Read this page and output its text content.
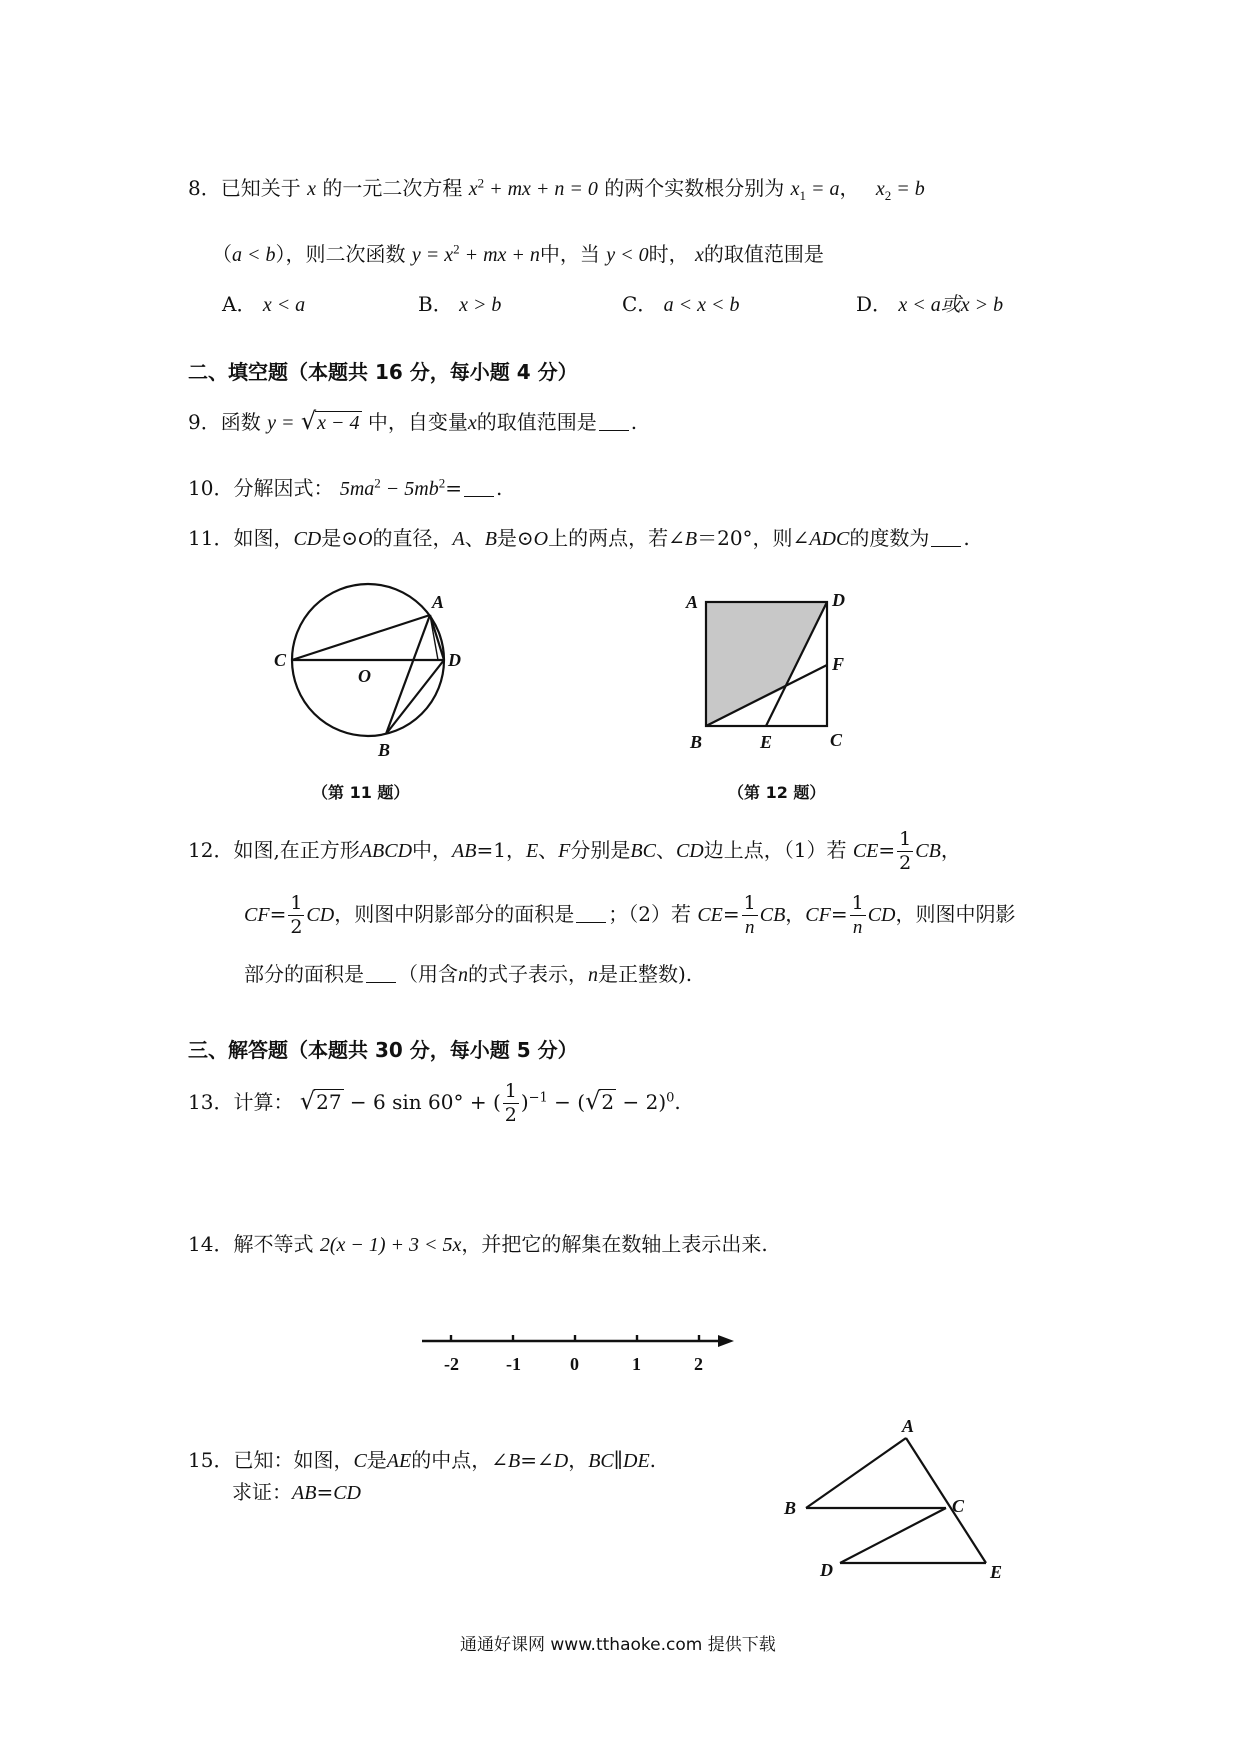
8．已知关于 x 的一元二次方程 $x^2$ + mx + n = 0 的两个实数根分别为 $x_1 = a$， $x_2 = b$
（a < b），则二次函数 $y = x^2$ + mx + n中，当 y < 0时， x的取值范围是
A． x < a	B． x > b	C． a < x < b	D． x < a或x > b
二、填空题（本题共 16 分，每小题 4 分）
9．函数 y = √x − 4 中，自变量x的取值范围是 .
10．分解因式： $5ma^2 - 5mb^2=$ .
11．如图，CD是⊙O的直径，A、B是⊙O上的两点，若∠B＝20°，则∠ADC的度数为 .
A
C	D
O
B
（第 11 题）
A	D
F
B	E	C
（第 12 题）
12．如图,在正方形ABCD中，AB=1，E、F分别是BC、CD边上点，（1）若 $CE= \frac{1}{2}$ CB，
$CF= \frac{1}{2}$ CD，则图中阴影部分的面积是 ；（2）若 $CE= \frac{1}{n}$ CB，$CF= \frac{1}{n}$ CD，则图中阴影
部分的面积是 （用含n的式子表示，n是正整数).
三、解答题（本题共 30 分，每小题 5 分）
13．计算： √27 − 6 sin 60° + ( $\frac{1}{2} )^{-1} - (√2 - 2)^0$.
14．解不等式 2(x − 1) + 3 < 5x，并把它的解集在数轴上表示出来.
-2	-1	0	1	2
15．已知：如图，C是AE的中点，∠B=∠D，BC∥DE.
求证：AB=CD
A
B	C
D	E
通通好课网 www.tthaoke.com 提供下载
